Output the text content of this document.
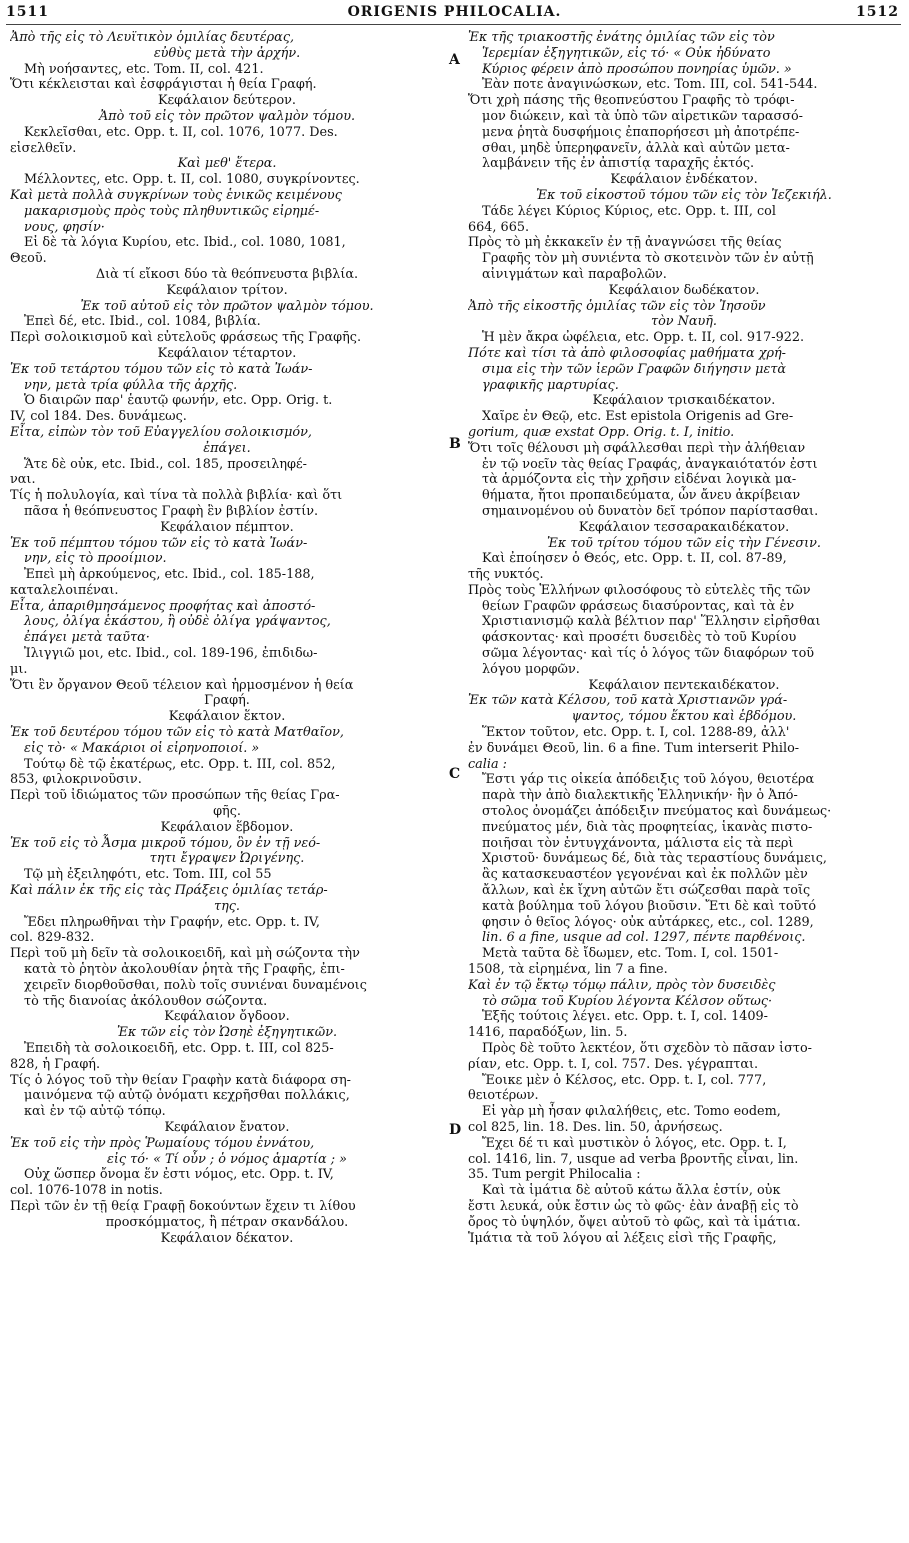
1511	ORIGENIS PHILOCALIA.	1512

Ἀπὸ τῆς εἰς τὸ Λευϊτικὸν ὁμιλίας δευτέρας,

εὐθὺς μετὰ τὴν ἀρχήν.

Μὴ νοήσαντες, etc. Tom. II, col. 421.

Ὅτι κέκλεισται καὶ ἐσφράγισται ἡ θεία Γραφή.

Κεφάλαιον δεύτερον.

Ἀπὸ τοῦ εἰς τὸν πρῶτον ψαλμὸν τόμου.

Κεκλεῖσθαι, etc. Opp. t. II, col. 1076, 1077. Des.

εἰσελθεῖν.

Καὶ μεθ' ἕτερα.

Μέλλοντες, etc. Opp. t. II, col. 1080, συγκρίνοντες.

Καὶ μετὰ πολλὰ συγκρίνων τοὺς ἑνικῶς κειμένους

μακαρισμοὺς πρὸς τοὺς πληθυντικῶς εἰρημέ-

νους, φησίν·

Εἰ δὲ τὰ λόγια Κυρίου, etc. Ibid., col. 1080, 1081,

Θεοῦ.

Διὰ τί εἴκοσι δύο τὰ θεόπνευστα βιβλία.

Κεφάλαιον τρίτον.

Ἐκ τοῦ αὐτοῦ εἰς τὸν πρῶτον ψαλμὸν τόμου.

Ἐπεὶ δέ, etc. Ibid., col. 1084, βιβλία.

Περὶ σολοικισμοῦ καὶ εὐτελοῦς φράσεως τῆς Γραφῆς.

Κεφάλαιον τέταρτον.

Ἐκ τοῦ τετάρτου τόμου τῶν εἰς τὸ κατὰ Ἰωάν-

νην, μετὰ τρία φύλλα τῆς ἀρχῆς.

Ὁ διαιρῶν παρ' ἑαυτῷ φωνήν, etc. Opp. Orig. t.

IV, col 184. Des. δυνάμεως.

Εἶτα, εἰπὼν τὸν τοῦ Εὐαγγελίου σολοικισμόν,

ἐπάγει.

Ἅτε δὲ οὐκ, etc. Ibid., col. 185, προσειληφέ-

ναι.

Τίς ἡ πολυλογία, καὶ τίνα τὰ πολλὰ βιβλία· καὶ ὅτι

πᾶσα ἡ θεόπνευστος Γραφὴ ἓν βιβλίον ἐστίν.

Κεφάλαιον πέμπτον.

Ἐκ τοῦ πέμπτου τόμου τῶν εἰς τὸ κατὰ Ἰωάν-

νην, εἰς τὸ προοίμιον.

Ἐπεὶ μὴ ἀρκούμενος, etc. Ibid., col. 185-188,

καταλελοιπέναι.

Εἶτα, ἀπαριθμησάμενος προφήτας καὶ ἀποστό-

λους, ὀλίγα ἑκάστου, ἢ οὐδὲ ὀλίγα γράψαντος,

ἐπάγει μετὰ ταῦτα·

Ἰλιγγιῶ μοι, etc. Ibid., col. 189-196, ἐπιδιδω-

μι.

Ὅτι ἓν ὄργανον Θεοῦ τέλειον καὶ ἡρμοσμένον ἡ θεία

Γραφή.

Κεφάλαιον ἕκτον.

Ἐκ τοῦ δευτέρου τόμου τῶν εἰς τὸ κατὰ Ματθαῖον,

εἰς τὸ· « Μακάριοι οἱ εἰρηνοποιοί. »

Τούτῳ δὲ τῷ ἑκατέρως, etc. Opp. t. III, col. 852,

853, φιλοκρινοῦσιν.

Περὶ τοῦ ἰδιώματος τῶν προσώπων τῆς θείας Γρα-

φῆς.

Κεφάλαιον ἕβδομον.

Ἐκ τοῦ εἰς τὸ Ἆσμα μικροῦ τόμου, ὃν ἐν τῇ νεό-

τητι ἔγραψεν Ὠριγένης.

Τῷ μὴ ἐξειληφότι, etc. Tom. III, col 55

Καὶ πάλιν ἐκ τῆς εἰς τὰς Πράξεις ὁμιλίας τετάρ-

της.

Ἔδει πληρωθῆναι τὴν Γραφήν, etc. Opp. t. IV,

col. 829-832.

Περὶ τοῦ μὴ δεῖν τὰ σολοικοειδῆ, καὶ μὴ σώζοντα τὴν

κατὰ τὸ ῥητὸν ἀκολουθίαν ῥητὰ τῆς Γραφῆς, ἐπι-

χειρεῖν διορθοῦσθαι, πολὺ τοῖς συνιέναι δυναμένοις

τὸ τῆς διανοίας ἀκόλουθον σώζοντα.

Κεφάλαιον ὄγδοον.

Ἐκ τῶν εἰς τὸν Ὠσηὲ ἐξηγητικῶν.

Ἐπειδὴ τὰ σολοικοειδῆ, etc. Opp. t. III, col 825-

828, ἡ Γραφή.

Τίς ὁ λόγος τοῦ τὴν θείαν Γραφὴν κατὰ διάφορα ση-

μαινόμενα τῷ αὐτῷ ὀνόματι κεχρῆσθαι πολλάκις,

καὶ ἐν τῷ αὐτῷ τόπῳ.

Κεφάλαιον ἔνατον.

Ἐκ τοῦ εἰς τὴν πρὸς Ῥωμαίους τόμου ἐννάτου,

εἰς τό· « Τί οὖν ; ὁ νόμος ἁμαρτία ; »

Οὐχ ὥσπερ ὄνομα ἕν ἐστι νόμος, etc. Opp. t. IV,

col. 1076-1078 in notis.

Περὶ τῶν ἐν τῇ θείᾳ Γραφῇ δοκούντων ἔχειν τι λίθου

προσκόμματος, ἢ πέτραν σκανδάλου.

Κεφάλαιον δέκατον.

Ἐκ τῆς τριακοστῆς ἐνάτης ὁμιλίας τῶν εἰς τὸν

Ἱερεμίαν ἐξηγητικῶν, εἰς τό· « Οὐκ ἠδύνατο

Κύριος φέρειν ἀπὸ προσώπου πονηρίας ὑμῶν. »

Ἐὰν ποτε ἀναγινώσκων, etc. Tom. III, col. 541-544.

Ὅτι χρὴ πάσης τῆς θεοπνεύστου Γραφῆς τὸ τρόφι-

μον διώκειν, καὶ τὰ ὑπὸ τῶν αἱρετικῶν ταρασσό-

μενα ῥητὰ δυσφήμοις ἐπαπορήσεσι μὴ ἀποτρέπε-

σθαι, μηδὲ ὑπερηφανεῖν, ἀλλὰ καὶ αὐτῶν μετα-

λαμβάνειν τῆς ἐν ἀπιστίᾳ ταραχῆς ἐκτός.

Κεφάλαιον ἑνδέκατον.

Ἐκ τοῦ εἰκοστοῦ τόμου τῶν εἰς τὸν Ἰεζεκιήλ.

Τάδε λέγει Κύριος Κύριος, etc. Opp. t. III, col

664, 665.

Πρὸς τὸ μὴ ἐκκακεῖν ἐν τῇ ἀναγνώσει τῆς θείας

Γραφῆς τὸν μὴ συνιέντα τὸ σκοτεινὸν τῶν ἐν αὐτῇ

αἰνιγμάτων καὶ παραβολῶν.

Κεφάλαιον δωδέκατον.

Ἀπὸ τῆς εἰκοστῆς ὁμιλίας τῶν εἰς τὸν Ἰησοῦν

τὸν Ναυῆ.

Ἡ μὲν ἄκρα ὠφέλεια, etc. Opp. t. II, col. 917-922.

Πότε καὶ τίσι τὰ ἀπὸ φιλοσοφίας μαθήματα χρή-

σιμα εἰς τὴν τῶν ἱερῶν Γραφῶν διήγησιν μετὰ

γραφικῆς μαρτυρίας.

Κεφάλαιον τρισκαιδέκατον.

Χαῖρε ἐν Θεῷ, etc. Est epistola Origenis ad Gre-

gorium, quæ exstat Opp. Orig. t. I, initio.

Ὅτι τοῖς θέλουσι μὴ σφάλλεσθαι περὶ τὴν ἀλήθειαν

ἐν τῷ νοεῖν τὰς θείας Γραφάς, ἀναγκαιότατόν ἐστι

τὰ ἁρμόζοντα εἰς τὴν χρῆσιν εἰδέναι λογικὰ μα-

θήματα, ἤτοι προπαιδεύματα, ὧν ἄνευ ἀκρίβειαν

σημαινομένου οὐ δυνατὸν δεῖ τρόπον παρίστασθαι.

Κεφάλαιον τεσσαρακαιδέκατον.

Ἐκ τοῦ τρίτου τόμου τῶν εἰς τὴν Γένεσιν.

Καὶ ἐποίησεν ὁ Θεός, etc. Opp. t. II, col. 87-89,

τῆς νυκτός.

Πρὸς τοὺς Ἑλλήνων φιλοσόφους τὸ εὐτελὲς τῆς τῶν

θείων Γραφῶν φράσεως διασύροντας, καὶ τὰ ἐν

Χριστιανισμῷ καλὰ βέλτιον παρ' Ἕλλησιν εἰρῆσθαι

φάσκοντας· καὶ προσέτι δυσειδὲς τὸ τοῦ Κυρίου

σῶμα λέγοντας· καὶ τίς ὁ λόγος τῶν διαφόρων τοῦ

λόγου μορφῶν.

Κεφάλαιον πεντεκαιδέκατον.

Ἐκ τῶν κατὰ Κέλσου, τοῦ κατὰ Χριστιανῶν γρά-

ψαντος, τόμου ἕκτου καὶ ἑβδόμου.

Ἕκτον τοῦτον, etc. Opp. t. I, col. 1288-89, ἀλλ'

ἐν δυνάμει Θεοῦ, lin. 6 a fine. Tum interserit Philo-

calia :

Ἔστι γάρ τις οἰκεία ἀπόδειξις τοῦ λόγου, θειοτέρα

παρὰ τὴν ἀπὸ διαλεκτικῆς Ἑλληνικήν· ἣν ὁ Ἀπό-

στολος ὀνομάζει ἀπόδειξιν πνεύματος καὶ δυνάμεως·

πνεύματος μέν, διὰ τὰς προφητείας, ἱκανὰς πιστο-

ποιῆσαι τὸν ἐντυγχάνοντα, μάλιστα εἰς τὰ περὶ

Χριστοῦ· δυνάμεως δέ, διὰ τὰς τεραστίους δυνάμεις,

ἃς κατασκευαστέον γεγονέναι καὶ ἐκ πολλῶν μὲν

ἄλλων, καὶ ἐκ ἴχνη αὐτῶν ἔτι σώζεσθαι παρὰ τοῖς

κατὰ βούλημα τοῦ λόγου βιοῦσιν. Ἔτι δὲ καὶ τοῦτό

φησιν ὁ θεῖος λόγος· οὐκ αὐτάρκες, etc., col. 1289,

lin. 6 a fine, usque ad col. 1297, πέντε παρθένοις.

Μετὰ ταῦτα δὲ ἴδωμεν, etc. Tom. I, col. 1501-

1508, τὰ εἰρημένα, lin 7 a fine.

Καὶ ἐν τῷ ἕκτῳ τόμῳ πάλιν, πρὸς τὸν δυσειδὲς

τὸ σῶμα τοῦ Κυρίου λέγοντα Κέλσον οὕτως·

Ἑξῆς τούτοις λέγει. etc. Opp. t. I, col. 1409-

1416, παραδόξων, lin. 5.

Πρὸς δὲ τοῦτο λεκτέον, ὅτι σχεδὸν τὸ πᾶσαν ἱστο-

ρίαν, etc. Opp. t. I, col. 757. Des. γέγραπται.

Ἔοικε μὲν ὁ Κέλσος, etc. Opp. t. I, col. 777,

θειοτέρων.

Εἰ γὰρ μὴ ἦσαν φιλαλήθεις, etc. Tomo eodem,

col 825, lin. 18. Des. lin. 50, ἀρνήσεως.

Ἔχει δέ τι καὶ μυστικὸν ὁ λόγος, etc. Opp. t. I,

col. 1416, lin. 7, usque ad verba βροντῆς εἶναι, lin.

35. Tum pergit Philocalia :

Καὶ τὰ ἱμάτια δὲ αὐτοῦ κάτω ἄλλα ἐστίν, οὐκ

ἔστι λευκά, οὐκ ἔστιν ὡς τὸ φῶς· ἐὰν ἀναβῇ εἰς τὸ

ὄρος τὸ ὑψηλόν, ὄψει αὐτοῦ τὸ φῶς, καὶ τὰ ἱμάτια.

Ἱμάτια τὰ τοῦ λόγου αἱ λέξεις εἰσὶ τῆς Γραφῆς,

A
B
C
D
